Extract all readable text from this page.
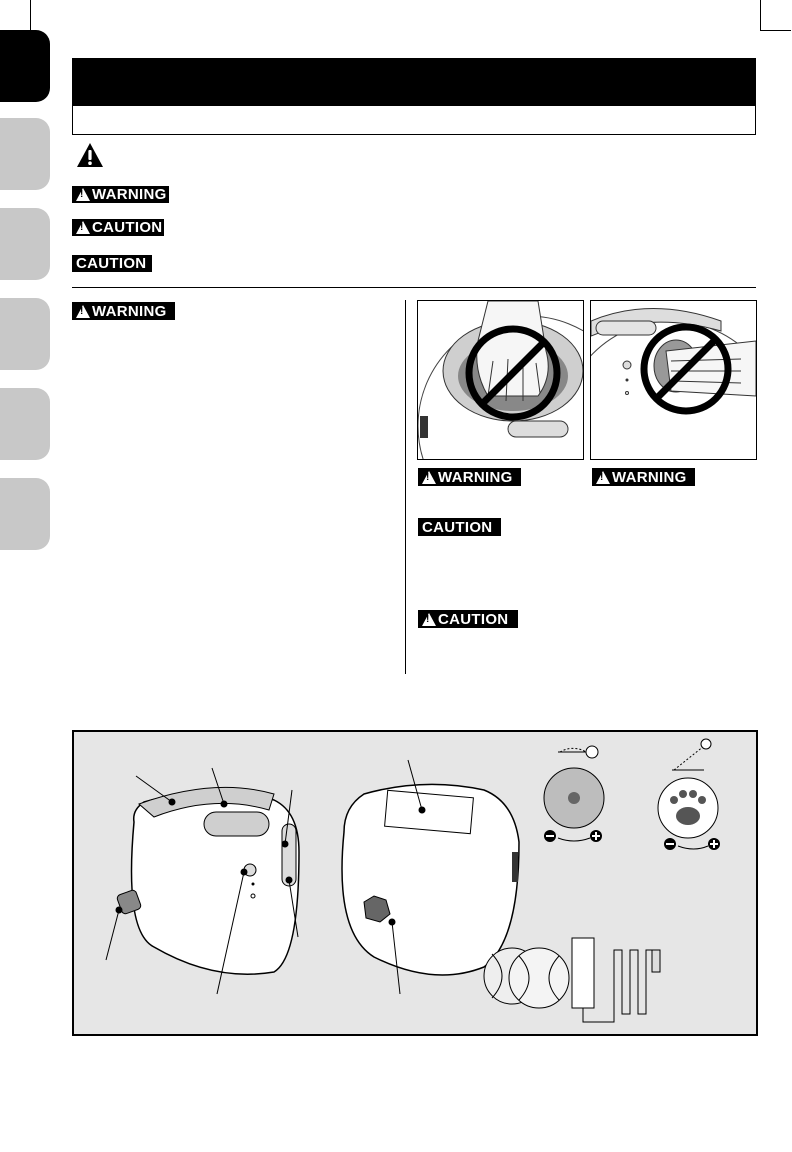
!
WARNING
!
CAUTION
CAUTION
!
WARNING
!
WARNING
!	WARNING
CAUTION
!
CAUTION
